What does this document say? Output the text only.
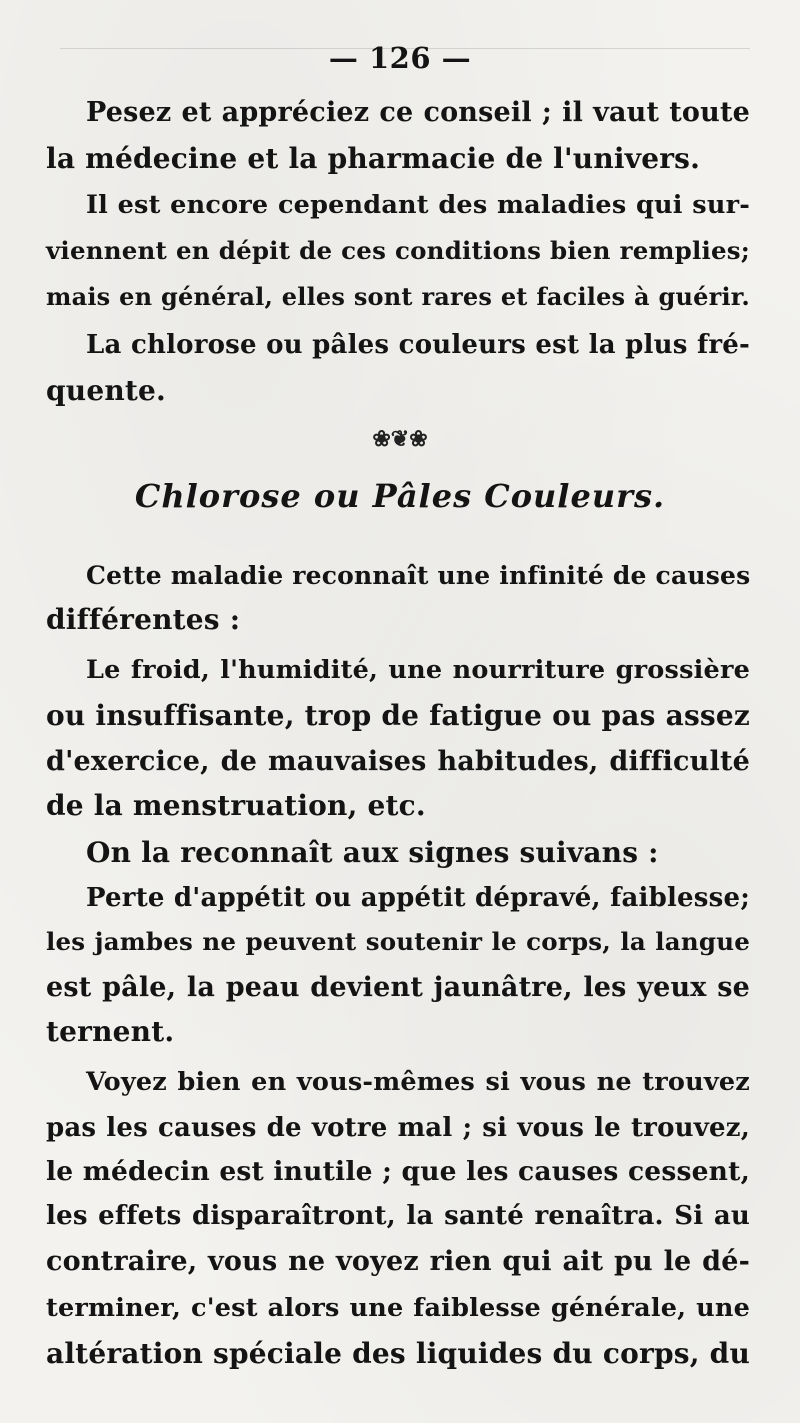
— 126 —
Pesez et appréciez ce conseil ; il vaut toute
la médecine et la pharmacie de l'univers.
Il est encore cependant des maladies qui sur-
viennent en dépit de ces conditions bien remplies;
mais en général, elles sont rares et faciles à guérir.
La chlorose ou pâles couleurs est la plus fré-
quente.
❀❦❀
Chlorose ou Pâles Couleurs.
Cette maladie reconnaît une infinité de causes
différentes :
Le froid, l'humidité, une nourriture grossière
ou insuffisante, trop de fatigue ou pas assez
d'exercice, de mauvaises habitudes, difficulté
de la menstruation, etc.
On la reconnaît aux signes suivans :
Perte d'appétit ou appétit dépravé, faiblesse;
les jambes ne peuvent soutenir le corps, la langue
est pâle, la peau devient jaunâtre, les yeux se
ternent.
Voyez bien en vous-mêmes si vous ne trouvez
pas les causes de votre mal ; si vous le trouvez,
le médecin est inutile ; que les causes cessent,
les effets disparaîtront, la santé renaîtra. Si au
contraire, vous ne voyez rien qui ait pu le dé-
terminer, c'est alors une faiblesse générale, une
altération spéciale des liquides du corps, du
